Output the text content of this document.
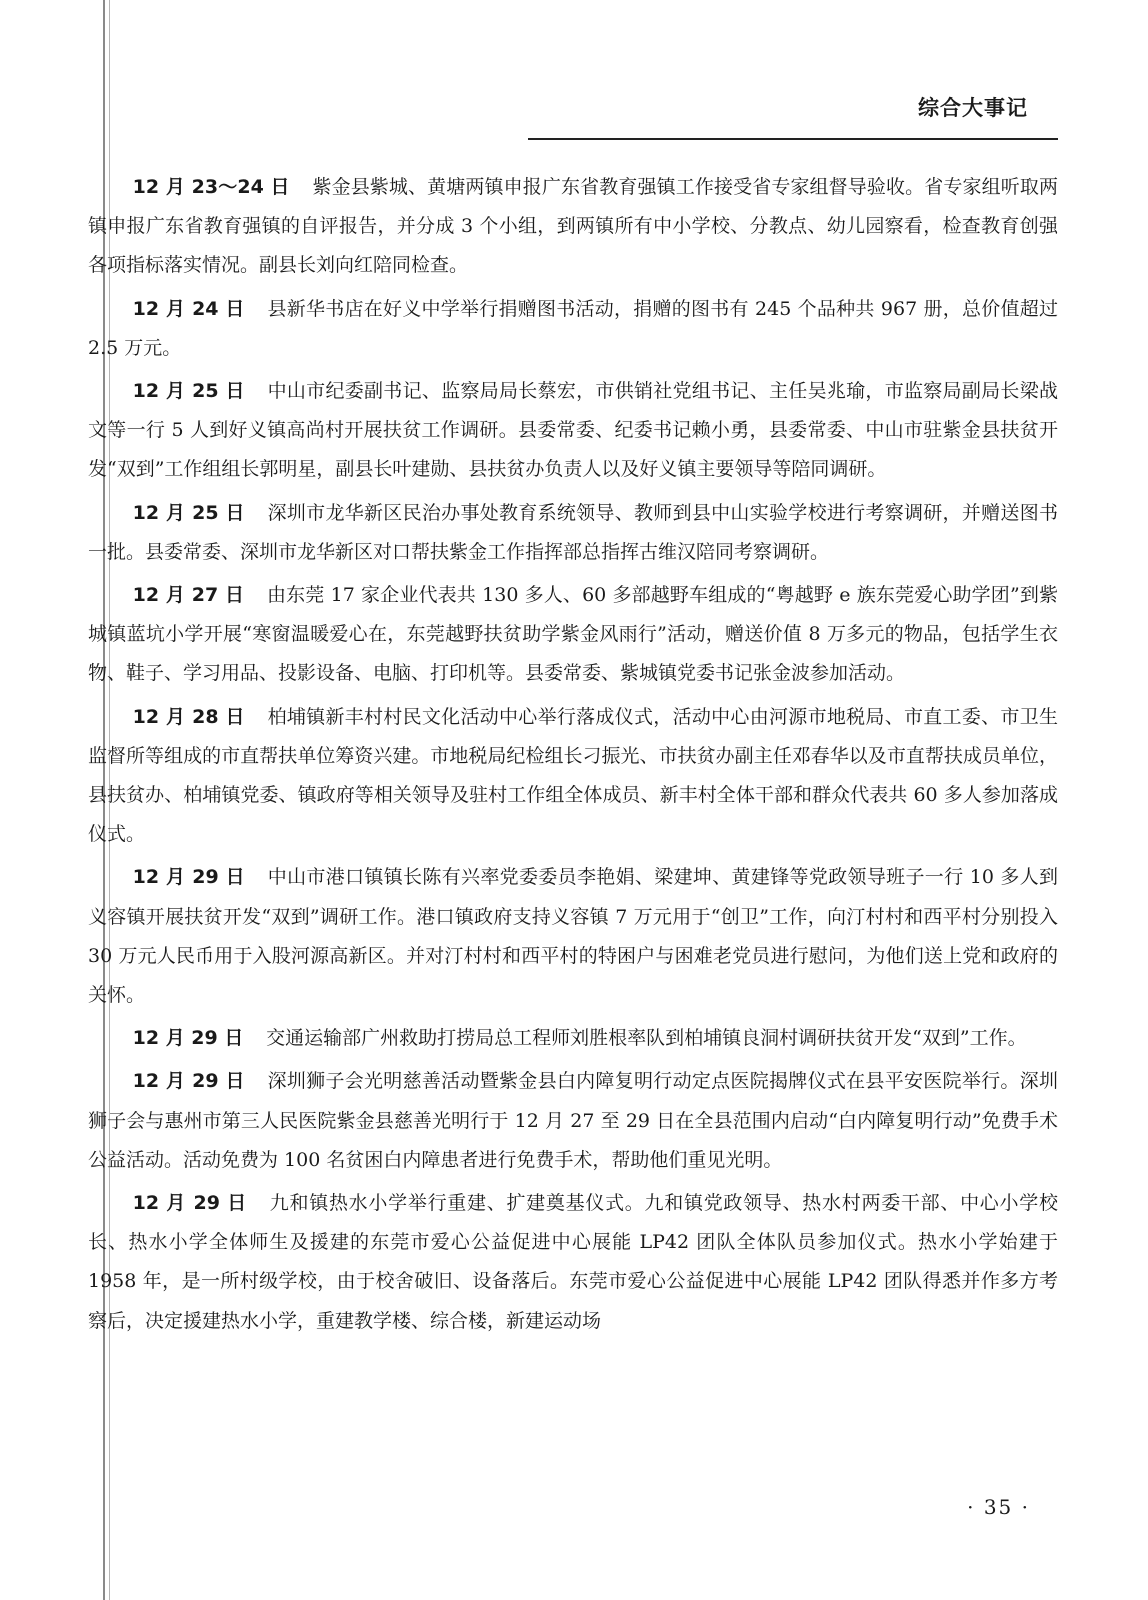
综合大事记

12 月 23～24 日 紫金县紫城、黄塘两镇申报广东省教育强镇工作接受省专家组督导验收。省专家组听取两镇申报广东省教育强镇的自评报告，并分成 3 个小组，到两镇所有中小学校、分教点、幼儿园察看，检查教育创强各项指标落实情况。副县长刘向红陪同检查。

12 月 24 日 县新华书店在好义中学举行捐赠图书活动，捐赠的图书有 245 个品种共 967 册，总价值超过 2.5 万元。

12 月 25 日 中山市纪委副书记、监察局局长蔡宏，市供销社党组书记、主任吴兆瑜，市监察局副局长梁战文等一行 5 人到好义镇高尚村开展扶贫工作调研。县委常委、纪委书记赖小勇，县委常委、中山市驻紫金县扶贫开发“双到”工作组组长郭明星，副县长叶建勋、县扶贫办负责人以及好义镇主要领导等陪同调研。

12 月 25 日 深圳市龙华新区民治办事处教育系统领导、教师到县中山实验学校进行考察调研，并赠送图书一批。县委常委、深圳市龙华新区对口帮扶紫金工作指挥部总指挥古维汉陪同考察调研。

12 月 27 日 由东莞 17 家企业代表共 130 多人、60 多部越野车组成的“粤越野 e 族东莞爱心助学团”到紫城镇蓝坑小学开展“寒窗温暖爱心在，东莞越野扶贫助学紫金风雨行”活动，赠送价值 8 万多元的物品，包括学生衣物、鞋子、学习用品、投影设备、电脑、打印机等。县委常委、紫城镇党委书记张金波参加活动。

12 月 28 日 柏埔镇新丰村村民文化活动中心举行落成仪式，活动中心由河源市地税局、市直工委、市卫生监督所等组成的市直帮扶单位筹资兴建。市地税局纪检组长刁振光、市扶贫办副主任邓春华以及市直帮扶成员单位，县扶贫办、柏埔镇党委、镇政府等相关领导及驻村工作组全体成员、新丰村全体干部和群众代表共 60 多人参加落成仪式。

12 月 29 日 中山市港口镇镇长陈有兴率党委委员李艳娟、梁建坤、黄建锋等党政领导班子一行 10 多人到义容镇开展扶贫开发“双到”调研工作。港口镇政府支持义容镇 7 万元用于“创卫”工作，向汀村村和西平村分别投入 30 万元人民币用于入股河源高新区。并对汀村村和西平村的特困户与困难老党员进行慰问，为他们送上党和政府的关怀。

12 月 29 日 交通运输部广州救助打捞局总工程师刘胜根率队到柏埔镇良洞村调研扶贫开发“双到”工作。

12 月 29 日 深圳狮子会光明慈善活动暨紫金县白内障复明行动定点医院揭牌仪式在县平安医院举行。深圳狮子会与惠州市第三人民医院紫金县慈善光明行于 12 月 27 至 29 日在全县范围内启动“白内障复明行动”免费手术公益活动。活动免费为 100 名贫困白内障患者进行免费手术，帮助他们重见光明。

12 月 29 日 九和镇热水小学举行重建、扩建奠基仪式。九和镇党政领导、热水村两委干部、中心小学校长、热水小学全体师生及援建的东莞市爱心公益促进中心展能 LP42 团队全体队员参加仪式。热水小学始建于 1958 年，是一所村级学校，由于校舍破旧、设备落后。东莞市爱心公益促进中心展能 LP42 团队得悉并作多方考察后，决定援建热水小学，重建教学楼、综合楼，新建运动场

· 35 ·
